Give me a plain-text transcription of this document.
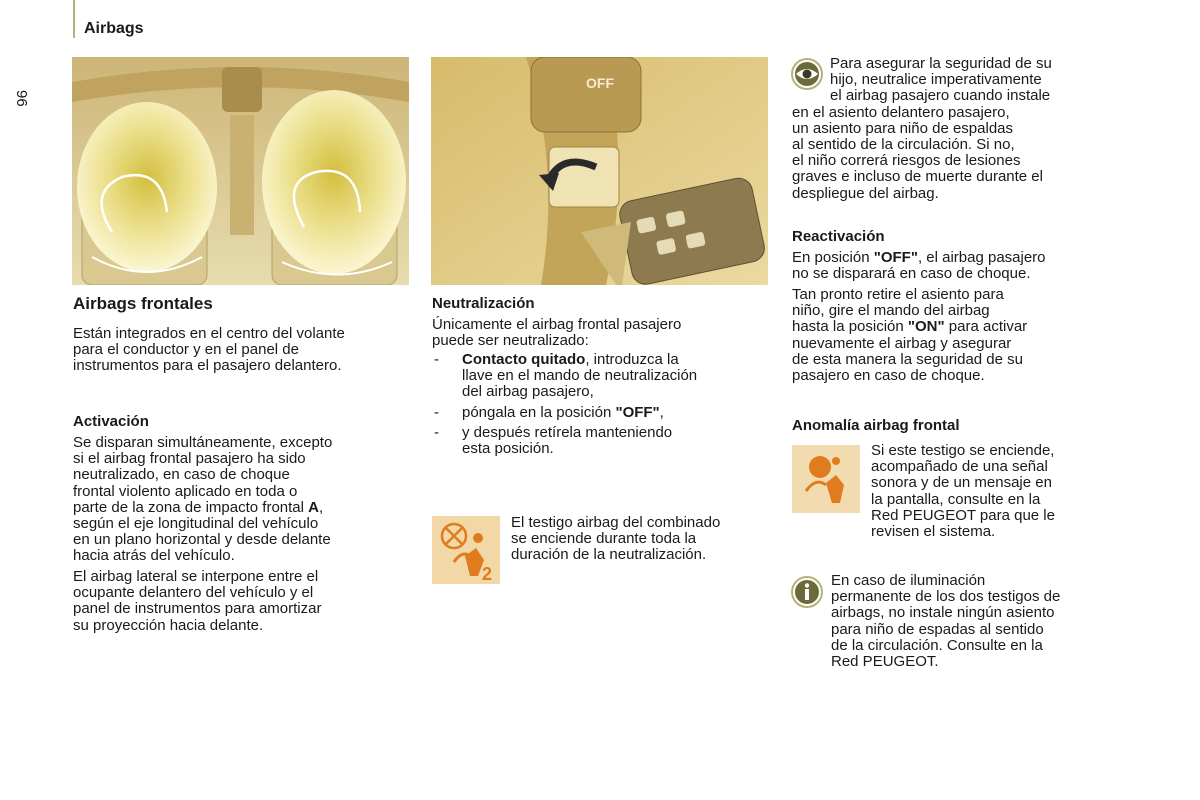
Airbags
96
Airbags frontales

Están integrados en el centro del volante
para el conductor y en el panel de
instrumentos para el pasajero delantero.

Activación

Se disparan simultáneamente, excepto
si el airbag frontal pasajero ha sido
neutralizado, en caso de choque
frontal violento aplicado en toda o
parte de la zona de impacto frontal A,
según el eje longitudinal del vehículo
en un plano horizontal y desde delante
hacia atrás del vehículo.

El airbag lateral se interpone entre el
ocupante delantero del vehículo y el
panel de instrumentos para amortizar
su proyección hacia delante.

OFF
Neutralización

Únicamente el airbag frontal pasajero
puede ser neutralizado:

- Contacto quitado, introduzca la
llave en el mando de neutralización
del airbag pasajero,
- póngala en la posición "OFF",
- y después retírela manteniendo
esta posición.
2

El testigo airbag del combinado
se enciende durante toda la
duración de la neutralización.

Para asegurar la seguridad de su
hijo, neutralice imperativamente
el airbag pasajero cuando instale
en el asiento delantero pasajero,
un asiento para niño de espaldas
al sentido de la circulación. Si no,
el niño correrá riesgos de lesiones
graves e incluso de muerte durante el
despliegue del airbag.

Reactivación

En posición "OFF", el airbag pasajero
no se disparará en caso de choque.

Tan pronto retire el asiento para
niño, gire el mando del airbag
hasta la posición "ON" para activar
nuevamente el airbag y asegurar
de esta manera la seguridad de su
pasajero en caso de choque.

Anomalía airbag frontal

Si este testigo se enciende,
acompañado de una señal
sonora y de un mensaje en
la pantalla, consulte en la
Red PEUGEOT para que le
revisen el sistema.

En caso de iluminación
permanente de los dos testigos de
airbags, no instale ningún asiento
para niño de espadas al sentido
de la circulación. Consulte en la
Red PEUGEOT.
